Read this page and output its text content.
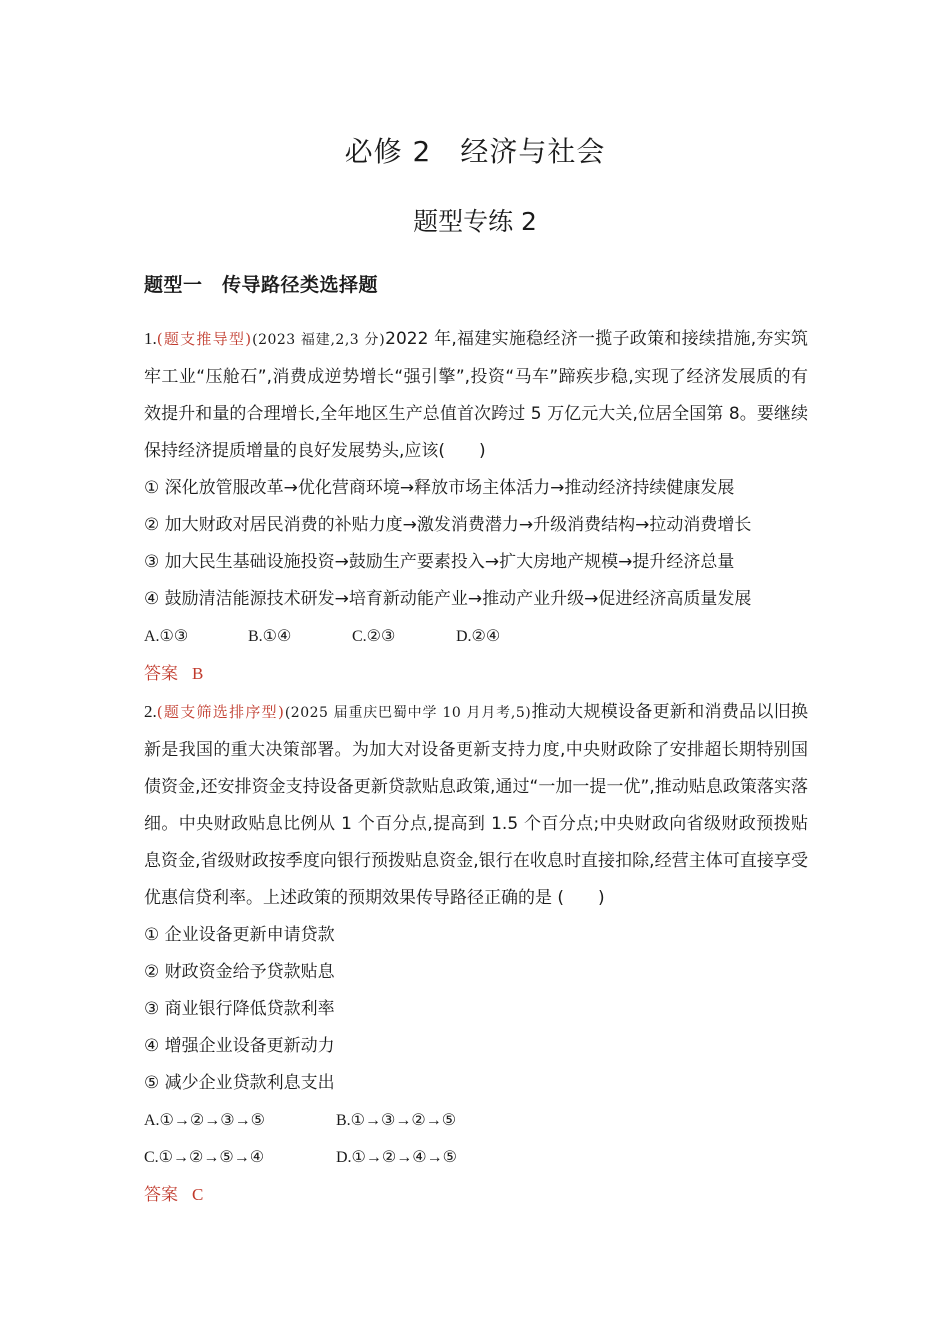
必修 2　经济与社会
题型专练 2
题型一　传导路径类选择题

1.(题支推导型)(2023 福建,2,3 分)2022 年,福建实施稳经济一揽子政策和接续措施,夯实筑牢工业“压舱石”,消费成逆势增长“强引擎”,投资“马车”蹄疾步稳,实现了经济发展质的有效提升和量的合理增长,全年地区生产总值首次跨过 5 万亿元大关,位居全国第 8。要继续保持经济提质增量的良好发展势头,应该(　　)

① 深化放管服改革→优化营商环境→释放市场主体活力→推动经济持续健康发展

② 加大财政对居民消费的补贴力度→激发消费潜力→升级消费结构→拉动消费增长

③ 加大民生基础设施投资→鼓励生产要素投入→扩大房地产规模→提升经济总量

④ 鼓励清洁能源技术研发→培育新动能产业→推动产业升级→促进经济高质量发展

A.①③	B.①④	C.②③	D.②④

答案 B

2.(题支筛选排序型)(2025 届重庆巴蜀中学 10 月月考,5)推动大规模设备更新和消费品以旧换新是我国的重大决策部署。为加大对设备更新支持力度,中央财政除了安排超长期特别国债资金,还安排资金支持设备更新贷款贴息政策,通过“一加一提一优”,推动贴息政策落实落细。中央财政贴息比例从 1 个百分点,提高到 1.5 个百分点;中央财政向省级财政预拨贴息资金,省级财政按季度向银行预拨贴息资金,银行在收息时直接扣除,经营主体可直接享受优惠信贷利率。上述政策的预期效果传导路径正确的是 (　　)

① 企业设备更新申请贷款

② 财政资金给予贷款贴息

③ 商业银行降低贷款利率

④ 增强企业设备更新动力

⑤ 减少企业贷款利息支出

A.①→②→③→⑤	B.①→③→②→⑤
C.①→②→⑤→④	D.①→②→④→⑤

答案 C
